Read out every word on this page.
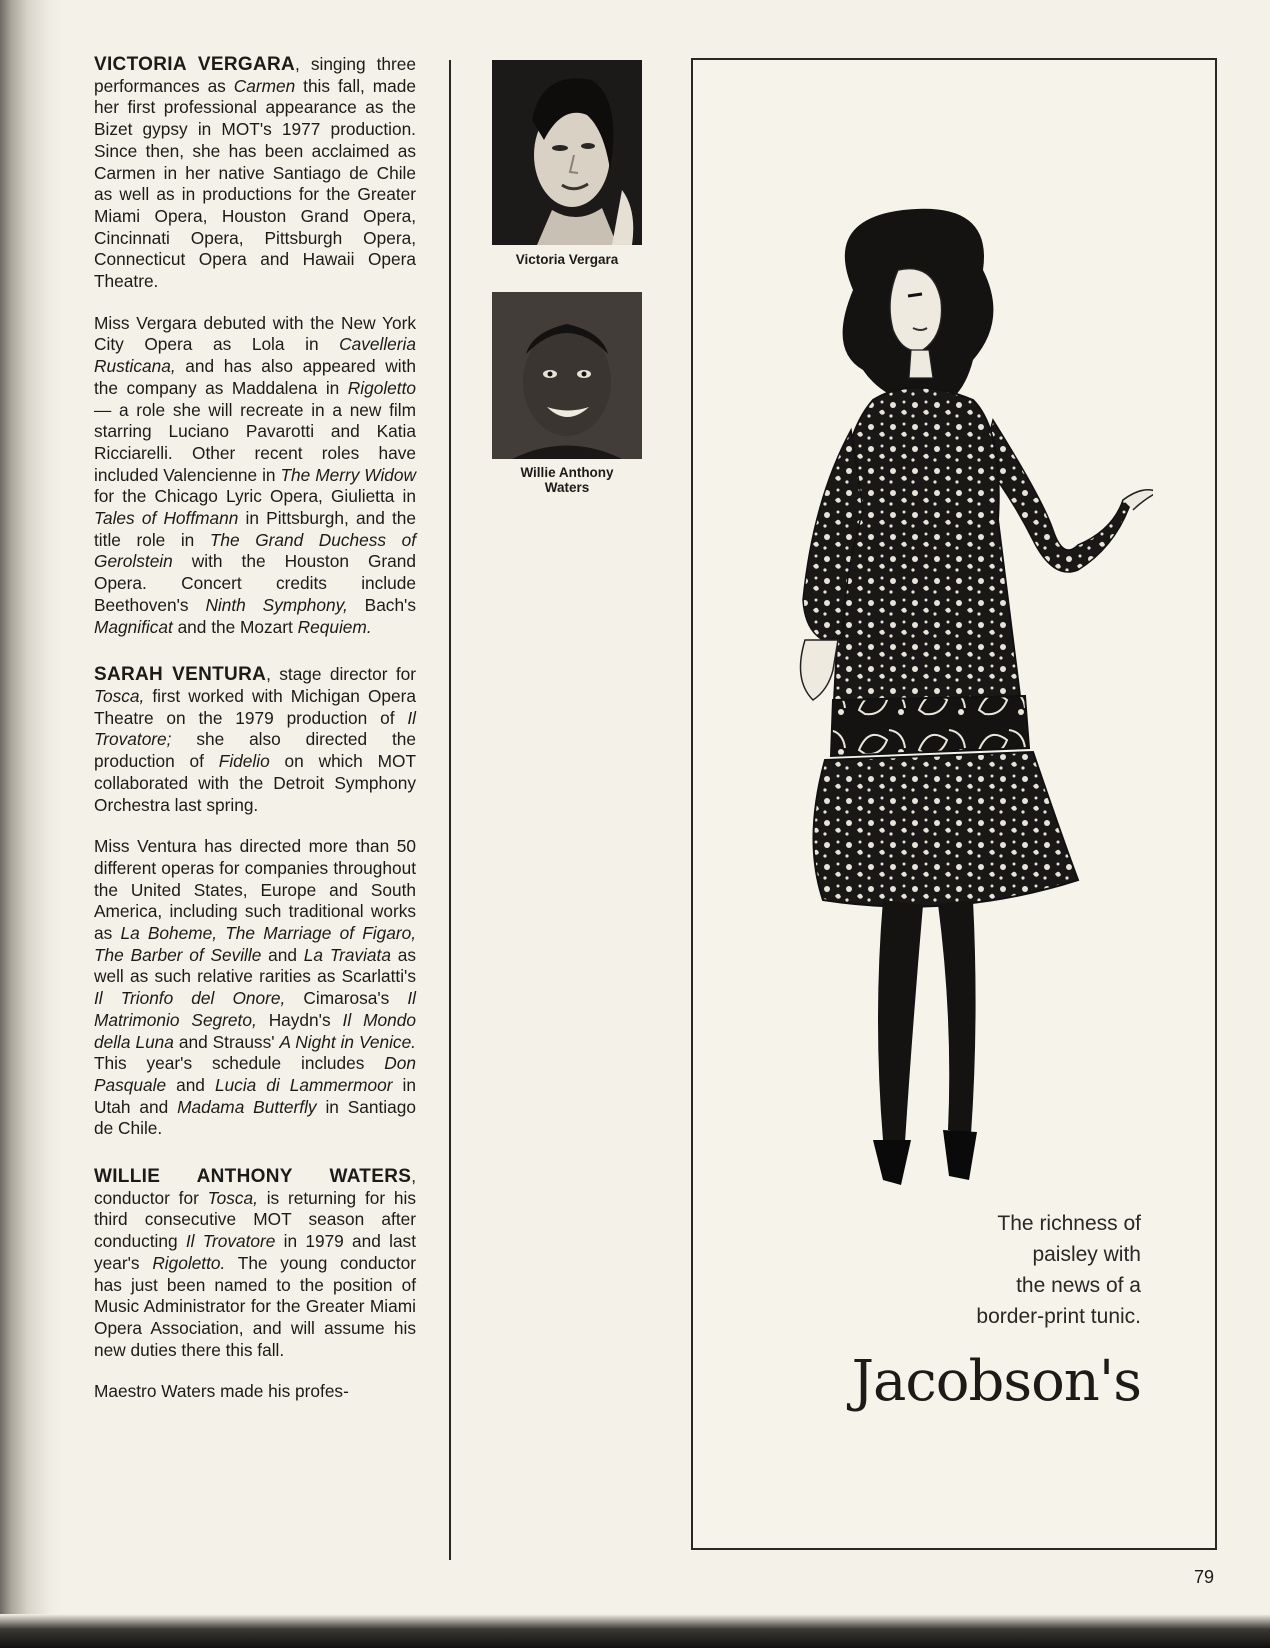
VICTORIA VERGARA, singing three performances as Carmen this fall, made her first professional appearance as the Bizet gypsy in MOT's 1977 production. Since then, she has been acclaimed as Carmen in her native Santiago de Chile as well as in productions for the Greater Miami Opera, Houston Grand Opera, Cincinnati Opera, Pittsburgh Opera, Connecticut Opera and Hawaii Opera Theatre.

Miss Vergara debuted with the New York City Opera as Lola in Cavelleria Rusticana, and has also appeared with the company as Maddalena in Rigoletto — a role she will recreate in a new film starring Luciano Pavarotti and Katia Ricciarelli. Other recent roles have included Valencienne in The Merry Widow for the Chicago Lyric Opera, Giulietta in Tales of Hoffmann in Pittsburgh, and the title role in The Grand Duchess of Gerolstein with the Houston Grand Opera. Concert credits include Beethoven's Ninth Symphony, Bach's Magnificat and the Mozart Requiem.

SARAH VENTURA, stage director for Tosca, first worked with Michigan Opera Theatre on the 1979 production of Il Trovatore; she also directed the production of Fidelio on which MOT collaborated with the Detroit Symphony Orchestra last spring.

Miss Ventura has directed more than 50 different operas for companies throughout the United States, Europe and South America, including such traditional works as La Boheme, The Marriage of Figaro, The Barber of Seville and La Traviata as well as such relative rarities as Scarlatti's Il Trionfo del Onore, Cimarosa's Il Matrimonio Segreto, Haydn's Il Mondo della Luna and Strauss' A Night in Venice. This year's schedule includes Don Pasquale and Lucia di Lammermoor in Utah and Madama Butterfly in Santiago de Chile.

WILLIE ANTHONY WATERS, conductor for Tosca, is returning for his third consecutive MOT season after conducting Il Trovatore in 1979 and last year's Rigoletto. The young conductor has just been named to the position of Music Administrator for the Greater Miami Opera Association, and will assume his new duties there this fall.

Maestro Waters made his profes-

Victoria Vergara
Willie Anthony
Waters
The richness of
paisley with
the news of a
border-print tunic.
Jacobson's
79
